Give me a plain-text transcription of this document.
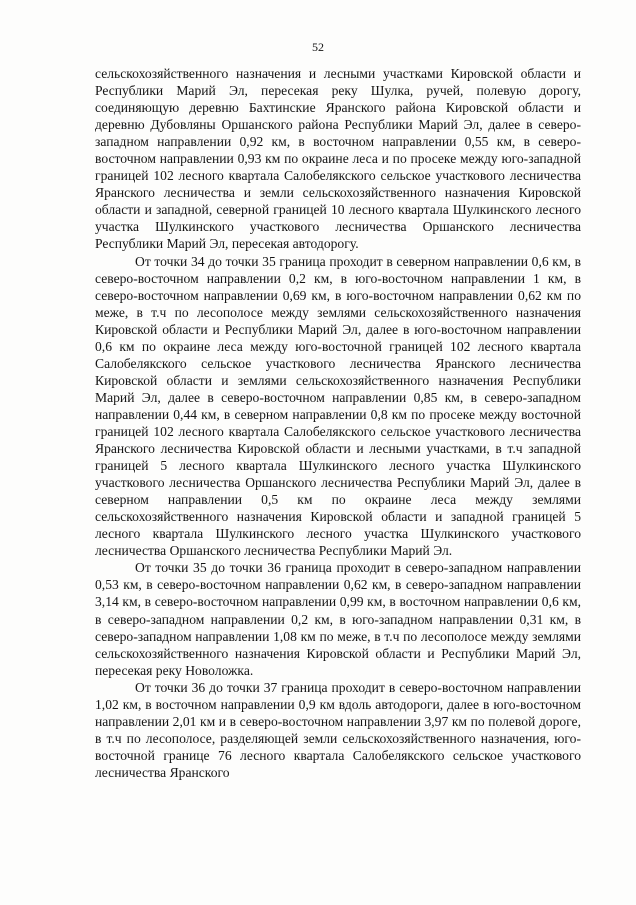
52

сельскохозяйственного назначения и лесными участками Кировской области и Республики Марий Эл, пересекая реку Шулка, ручей, полевую дорогу, соединяющую деревню Бахтинские Яранского района Кировской области и деревню Дубовляны Оршанского района Республики Марий Эл, далее в северо-западном направлении 0,92 км, в восточном направлении 0,55 км, в северо-восточном направлении 0,93 км по окраине леса и по просеке между юго-западной границей 102 лесного квартала Салобелякского сельское участкового лесничества Яранского лесничества и земли сельскохозяйственного назначения Кировской области и западной, северной границей 10 лесного квартала Шулкинского лесного участка Шулкинского участкового лесничества Оршанского лесничества Республики Марий Эл, пересекая автодорогу.

От точки 34 до точки 35 граница проходит в северном направлении 0,6 км, в северо-восточном направлении 0,2 км, в юго-восточном направлении 1 км, в северо-восточном направлении 0,69 км, в юго-восточном направлении 0,62 км по меже, в т.ч по лесополосе между землями сельскохозяйственного назначения Кировской области и Республики Марий Эл, далее в юго-восточном направлении 0,6 км по окраине леса между юго-восточной границей 102 лесного квартала Салобелякского сельское участкового лесничества Яранского лесничества Кировской области и землями сельскохозяйственного назначения Республики Марий Эл, далее в северо-восточном направлении 0,85 км, в северо-западном направлении 0,44 км, в северном направлении 0,8 км по просеке между восточной границей 102 лесного квартала Салобелякского сельское участкового лесничества Яранского лесничества Кировской области и лесными участками, в т.ч западной границей 5 лесного квартала Шулкинского лесного участка Шулкинского участкового лесничества Оршанского лесничества Республики Марий Эл, далее в северном направлении 0,5 км по окраине леса между землями сельскохозяйственного назначения Кировской области и западной границей 5 лесного квартала Шулкинского лесного участка Шулкинского участкового лесничества Оршанского лесничества Республики Марий Эл.

От точки 35 до точки 36 граница проходит в северо-западном направлении 0,53 км, в северо-восточном направлении 0,62 км, в северо-западном направлении 3,14 км, в северо-восточном направлении 0,99 км, в восточном направлении 0,6 км, в северо-западном направлении 0,2 км, в юго-западном направлении 0,31 км, в северо-западном направлении 1,08 км по меже, в т.ч по лесополосе между землями сельскохозяйственного назначения Кировской области и Республики Марий Эл, пересекая реку Новоложка.

От точки 36 до точки 37 граница проходит в северо-восточном направлении 1,02 км, в восточном направлении 0,9 км вдоль автодороги, далее в юго-восточном направлении 2,01 км и в северо-восточном направлении 3,97 км по полевой дороге, в т.ч по лесополосе, разделяющей земли сельскохозяйственного назначения, юго-восточной границе 76 лесного квартала Салобелякского сельское участкового лесничества Яранского
